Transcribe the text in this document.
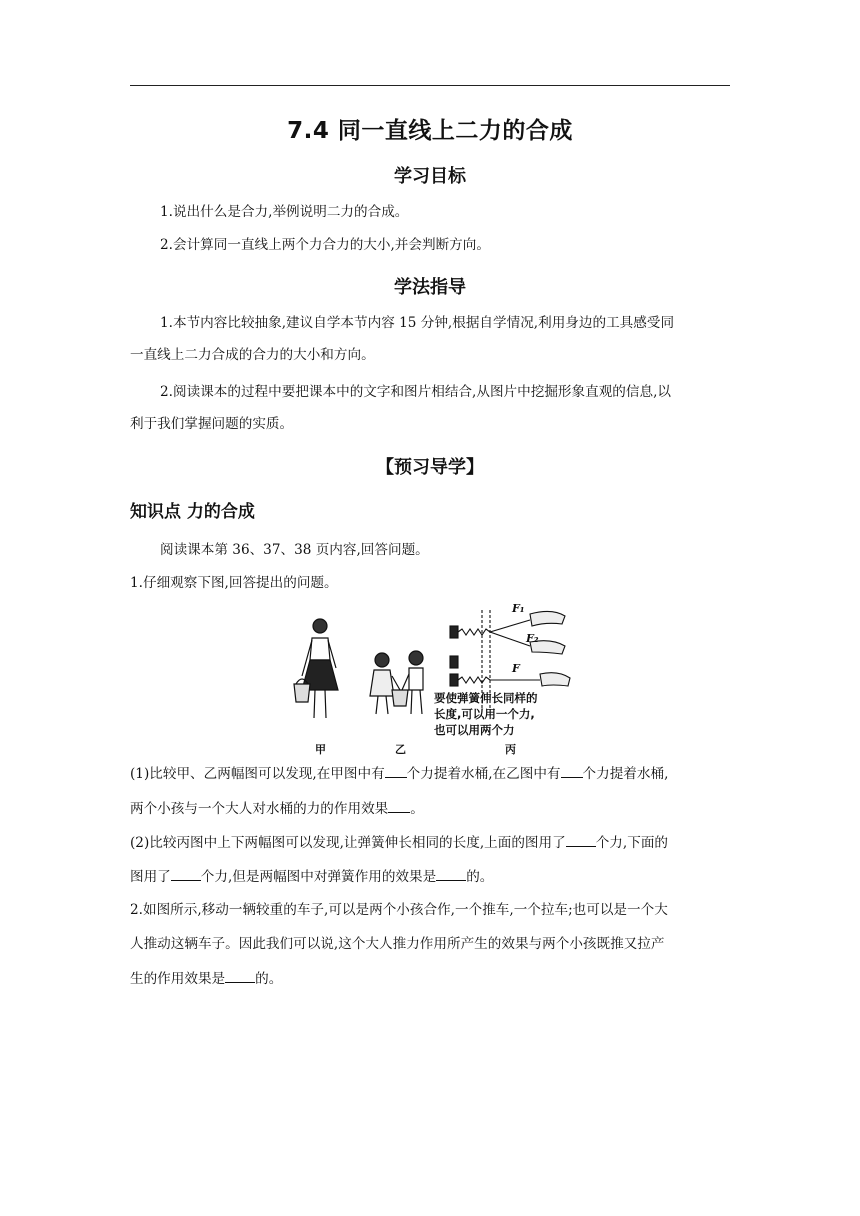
7.4 同一直线上二力的合成
学习目标
1.说出什么是合力,举例说明二力的合成。
2.会计算同一直线上两个力合力的大小,并会判断方向。
学法指导
1.本节内容比较抽象,建议自学本节内容 15 分钟,根据自学情况,利用身边的工具感受同
一直线上二力合成的合力的大小和方向。
2.阅读课本的过程中要把课本中的文字和图片相结合,从图片中挖掘形象直观的信息,以
利于我们掌握问题的实质。
【预习导学】
知识点 力的合成
阅读课本第 36、37、38 页内容,回答问题。
1.仔细观察下图,回答提出的问题。
F₁
F₂
F
要使弹簧伸长同样的
长度,可以用一个力,
也可以用两个力
甲	乙	丙
(1)比较甲、乙两幅图可以发现,在甲图中有 个力提着水桶,在乙图中有 个力提着水桶,
两个小孩与一个大人对水桶的力的作用效果 。
(2)比较丙图中上下两幅图可以发现,让弹簧伸长相同的长度,上面的图用了 个力,下面的
图用了 个力,但是两幅图中对弹簧作用的效果是 的。
2.如图所示,移动一辆较重的车子,可以是两个小孩合作,一个推车,一个拉车;也可以是一个大
人推动这辆车子。因此我们可以说,这个大人推力作用所产生的效果与两个小孩既推又拉产
生的作用效果是 的。
